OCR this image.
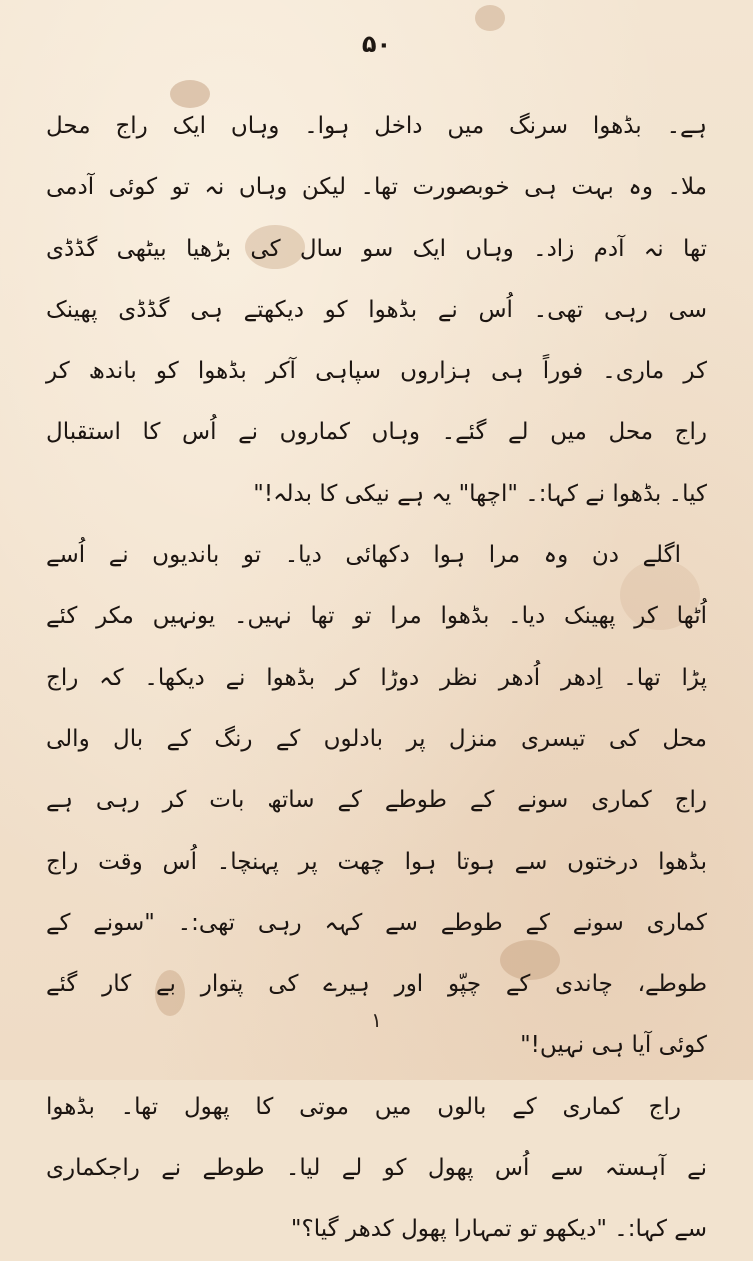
۵۰
ہے۔ بڈھوا سرنگ میں داخل ہوا۔ وہاں ایک راج محل
ملا۔ وہ بہت ہی خوبصورت تھا۔ لیکن وہاں نہ تو کوئی آدمی
تھا نہ آدم زاد۔ وہاں ایک سو سال کی بڑھیا بیٹھی گڈڈی
سی رہی تھی۔ اُس نے بڈھوا کو دیکھتے ہی گڈڈی پھینک
کر ماری۔ فوراً ہی ہزاروں سپاہی آکر بڈھوا کو باندھ کر
راج محل میں لے گئے۔ وہاں کماروں نے اُس کا استقبال
کیا۔ بڈھوا نے کہا:۔ "اچھا" یہ ہے نیکی کا بدلہ!"
اگلے دن وہ مرا ہوا دکھائی دیا۔ تو باندیوں نے اُسے
اُٹھا کر پھینک دیا۔ بڈھوا مرا تو تھا نہیں۔ یونہیں مکر کئے
پڑا تھا۔ اِدھر اُدھر نظر دوڑا کر بڈھوا نے دیکھا۔ کہ راج
محل کی تیسری منزل پر بادلوں کے رنگ کے بال والی
راج کماری سونے کے طوطے کے ساتھ بات کر رہی ہے
بڈھوا درختوں سے ہوتا ہوا چھت پر پہنچا۔ اُس وقت راج
کماری سونے کے طوطے سے کہہ رہی تھی:۔ "سونے کے
طوطے، چاندی کے چپّو اور ہیرے کی پتوار بے کار گئے
کوئی آیا ہی نہیں!"
راج کماری کے بالوں میں موتی کا پھول تھا۔ بڈھوا
نے آہستہ سے اُس پھول کو لے لیا۔ طوطے نے راجکماری
سے کہا:۔ "دیکھو تو تمہارا پھول کدھر گیا؟"
۱
